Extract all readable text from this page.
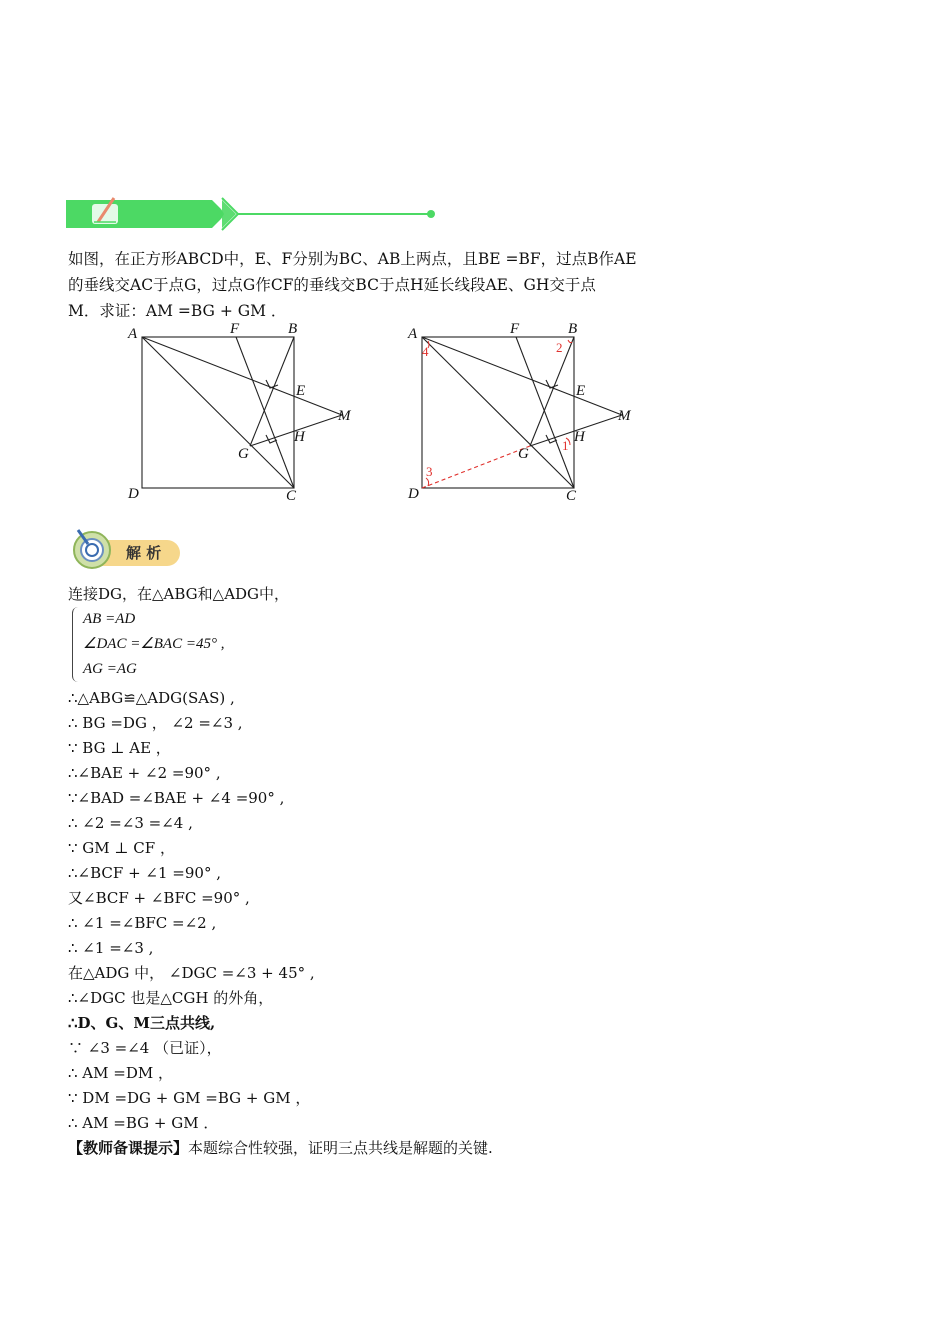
如图，在正方形ABCD中，E、F分别为BC、AB上两点，且BE =BF，过点B作AE

的垂线交AC于点G，过点G作CF的垂线交BC于点H延长线段AE、GH交于点

M．求证：AM =BG + GM ．

A	F	B
E
M
H
G
D	C
4	2
3
1
A	F	B
E
M
H
G
D	C
解 析
连接DG，在△ABG和△ADG中，
AB =AD
∠DAC =∠BAC =45° ,
AG =AG
∴△ABG≌△ADG(SAS) ,
∴ BG =DG ， ∠2 =∠3 ,
∵ BG ⊥ AE ，
∴∠BAE + ∠2 =90° ,
∵∠BAD =∠BAE + ∠4 =90° ,
∴ ∠2 =∠3 =∠4 ,
∵ GM ⊥ CF ，
∴∠BCF + ∠1 =90° ,
又∠BCF + ∠BFC =90° ,
∴ ∠1 =∠BFC =∠2 ,
∴ ∠1 =∠3 ,
在△ADG 中， ∠DGC =∠3 + 45° ,
∴∠DGC 也是△CGH 的外角，
∴D、G、M三点共线,
∵ ∠3 =∠4 （已证），
∴ AM =DM ，
∵ DM =DG + GM =BG + GM ，
∴ AM =BG + GM ．
【教师备课提示】本题综合性较强，证明三点共线是解题的关键.
